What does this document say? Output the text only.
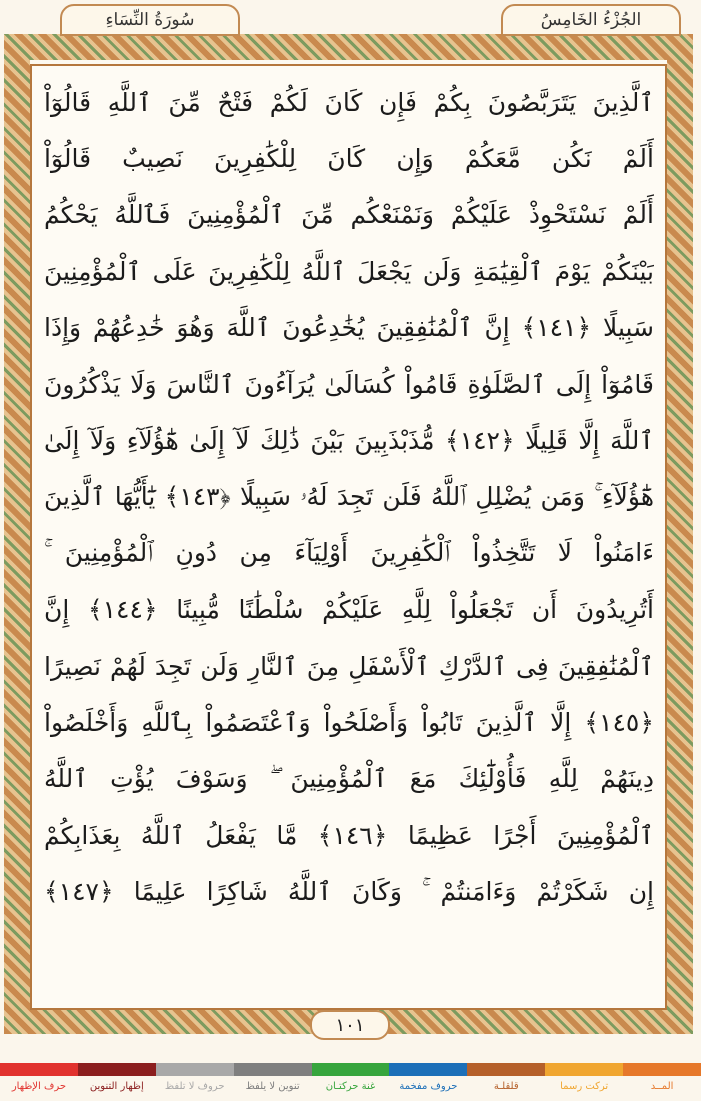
الجُزْءُ الخَامِسُ
سُورَةُ النِّسَاءِ
ٱلَّذِينَ يَتَرَبَّصُونَ بِكُمْ فَإِن كَانَ لَكُمْ فَتْحٌ مِّنَ ٱللَّهِ قَالُوٓاْ
أَلَمْ نَكُن مَّعَكُمْ وَإِن كَانَ لِلْكَٰفِرِينَ نَصِيبٌ قَالُوٓاْ
أَلَمْ نَسْتَحْوِذْ عَلَيْكُمْ وَنَمْنَعْكُم مِّنَ ٱلْمُؤْمِنِينَ فَٱللَّهُ يَحْكُمُ
بَيْنَكُمْ يَوْمَ ٱلْقِيَٰمَةِ وَلَن يَجْعَلَ ٱللَّهُ لِلْكَٰفِرِينَ عَلَى ٱلْمُؤْمِنِينَ
سَبِيلًا ﴿١٤١﴾ إِنَّ ٱلْمُنَٰفِقِينَ يُخَٰدِعُونَ ٱللَّهَ وَهُوَ خَٰدِعُهُمْ وَإِذَا
قَامُوٓاْ إِلَى ٱلصَّلَوٰةِ قَامُواْ كُسَالَىٰ يُرَآءُونَ ٱلنَّاسَ وَلَا يَذْكُرُونَ
ٱللَّهَ إِلَّا قَلِيلًا ﴿١٤٢﴾ مُّذَبْذَبِينَ بَيْنَ ذَٰلِكَ لَآ إِلَىٰ هَٰٓؤُلَآءِ وَلَآ إِلَىٰ
هَٰٓؤُلَآءِ ۚ وَمَن يُضْلِلِ ٱللَّهُ فَلَن تَجِدَ لَهُۥ سَبِيلًا ﴿١٤٣﴾ يَٰٓأَيُّهَا ٱلَّذِينَ
ءَامَنُواْ لَا تَتَّخِذُواْ ٱلْكَٰفِرِينَ أَوْلِيَآءَ مِن دُونِ ٱلْمُؤْمِنِينَ ۚ
أَتُرِيدُونَ أَن تَجْعَلُواْ لِلَّهِ عَلَيْكُمْ سُلْطَٰنًا مُّبِينًا ﴿١٤٤﴾ إِنَّ
ٱلْمُنَٰفِقِينَ فِى ٱلدَّرْكِ ٱلْأَسْفَلِ مِنَ ٱلنَّارِ وَلَن تَجِدَ لَهُمْ نَصِيرًا
﴿١٤٥﴾ إِلَّا ٱلَّذِينَ تَابُواْ وَأَصْلَحُواْ وَٱعْتَصَمُواْ بِٱللَّهِ وَأَخْلَصُواْ
دِينَهُمْ لِلَّهِ فَأُوْلَٰٓئِكَ مَعَ ٱلْمُؤْمِنِينَ ۖ وَسَوْفَ يُؤْتِ ٱللَّهُ
ٱلْمُؤْمِنِينَ أَجْرًا عَظِيمًا ﴿١٤٦﴾ مَّا يَفْعَلُ ٱللَّهُ بِعَذَابِكُمْ
إِن شَكَرْتُمْ وَءَامَنتُمْ ۚ وَكَانَ ٱللَّهُ شَاكِرًا عَلِيمًا ﴿١٤٧﴾
١٠١
المــد
تركت رسما
قلقلـة
حروف مفخمة
غنة حركتـان
تنوين لا يلفظ
حروف لا تلفظ
إظهار التنوين
حرف الإظهار
